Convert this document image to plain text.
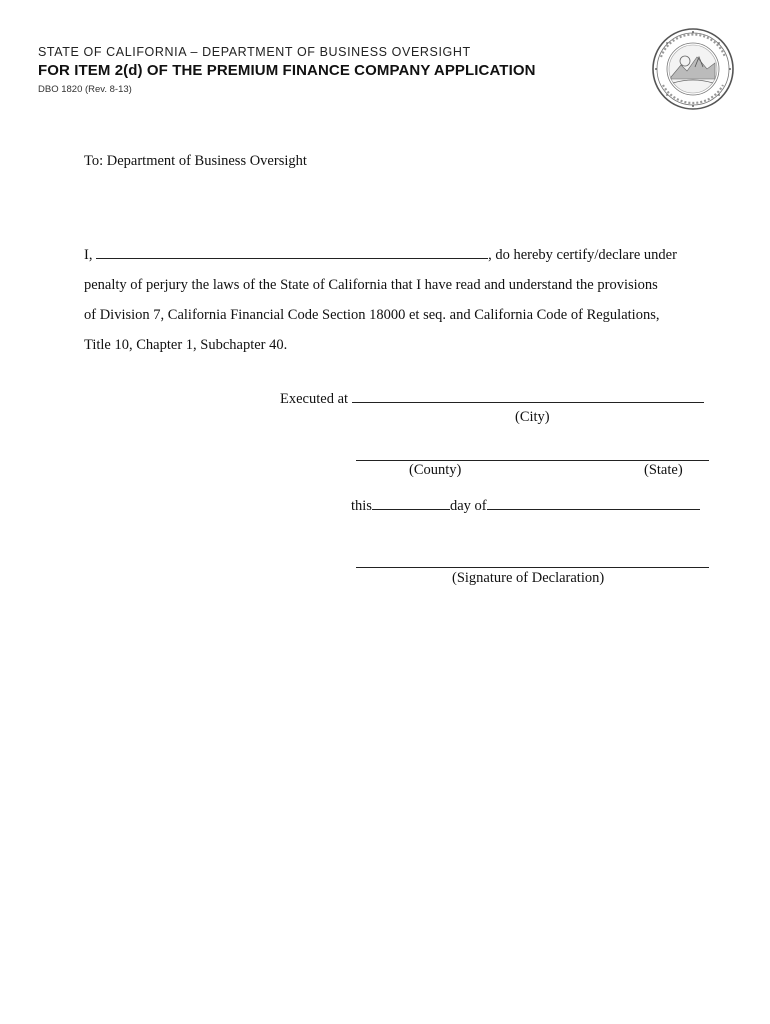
STATE OF CALIFORNIA – DEPARTMENT OF BUSINESS OVERSIGHT
FOR ITEM 2(d) OF THE PREMIUM FINANCE COMPANY APPLICATION
DBO 1820 (Rev. 8-13)
To: Department of Business Oversight
I,	, do hereby certify/declare under
penalty of perjury the laws of the State of California that I have read and understand the provisions
of Division 7, California Financial Code Section 18000 et seq. and California Code of Regulations,
Title 10, Chapter 1, Subchapter 40.
Executed at
(City)
(County)	(State)
this	day of
(Signature of Declaration)
